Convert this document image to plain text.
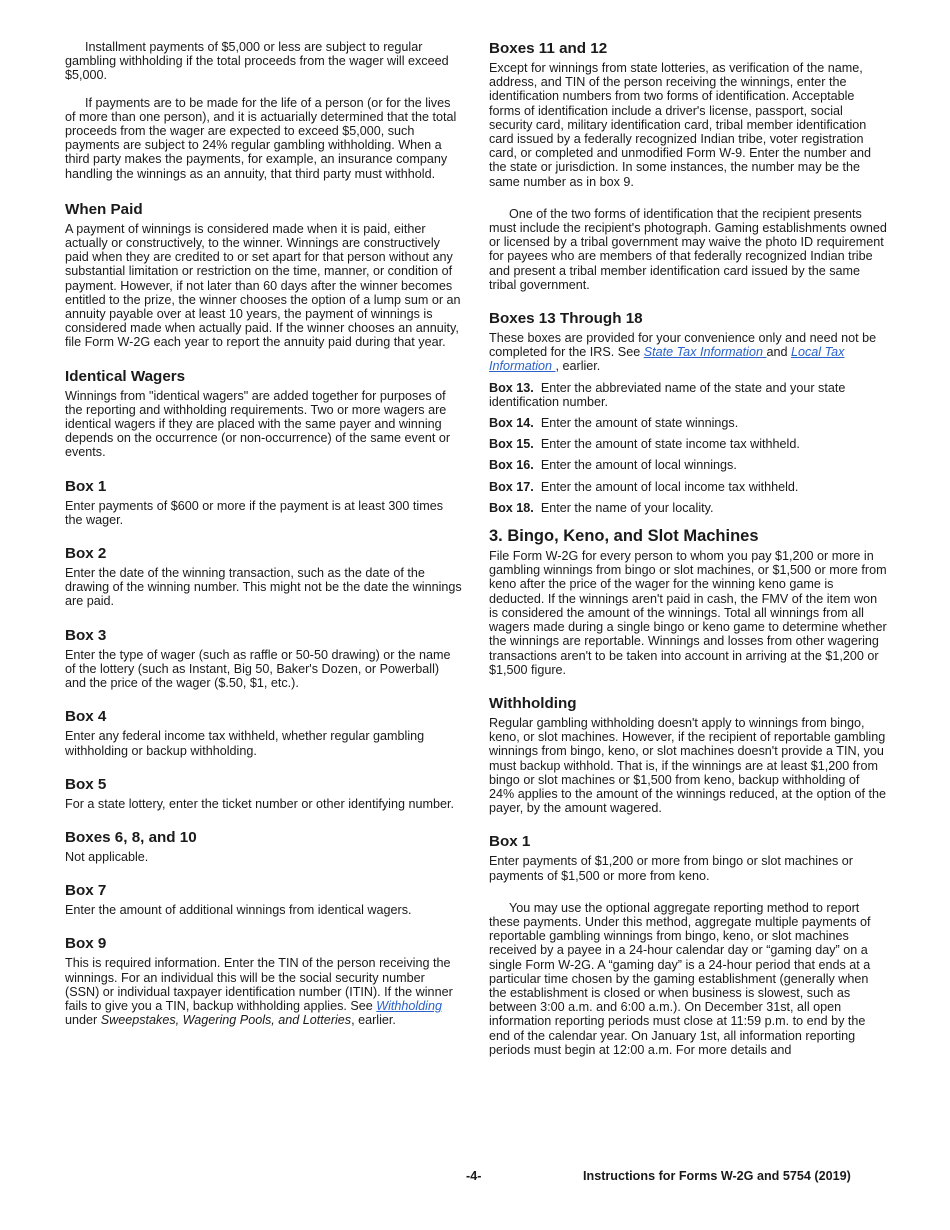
Installment payments of $5,000 or less are subject to regular gambling withholding if the total proceeds from the wager will exceed $5,000.

If payments are to be made for the life of a person (or for the lives of more than one person), and it is actuarially determined that the total proceeds from the wager are expected to exceed $5,000, such payments are subject to 24% regular gambling withholding. When a third party makes the payments, for example, an insurance company handling the winnings as an annuity, that third party must withhold.

When Paid

A payment of winnings is considered made when it is paid, either actually or constructively, to the winner. Winnings are constructively paid when they are credited to or set apart for that person without any substantial limitation or restriction on the time, manner, or condition of payment. However, if not later than 60 days after the winner becomes entitled to the prize, the winner chooses the option of a lump sum or an annuity payable over at least 10 years, the payment of winnings is considered made when actually paid. If the winner chooses an annuity, file Form W-2G each year to report the annuity paid during that year.

Identical Wagers

Winnings from "identical wagers" are added together for purposes of the reporting and withholding requirements. Two or more wagers are identical wagers if they are placed with the same payer and winning depends on the occurrence (or non-occurrence) of the same event or events.

Box 1

Enter payments of $600 or more if the payment is at least 300 times the wager.

Box 2

Enter the date of the winning transaction, such as the date of the drawing of the winning number. This might not be the date the winnings are paid.

Box 3

Enter the type of wager (such as raffle or 50-50 drawing) or the name of the lottery (such as Instant, Big 50, Baker's Dozen, or Powerball) and the price of the wager ($.50, $1, etc.).

Box 4

Enter any federal income tax withheld, whether regular gambling withholding or backup withholding.

Box 5

For a state lottery, enter the ticket number or other identifying number.

Boxes 6, 8, and 10

Not applicable.

Box 7

Enter the amount of additional winnings from identical wagers.

Box 9

This is required information. Enter the TIN of the person receiving the winnings. For an individual this will be the social security number (SSN) or individual taxpayer identification number (ITIN). If the winner fails to give you a TIN, backup withholding applies. See Withholding under Sweepstakes, Wagering Pools, and Lotteries, earlier.

Boxes 11 and 12

Except for winnings from state lotteries, as verification of the name, address, and TIN of the person receiving the winnings, enter the identification numbers from two forms of identification. Acceptable forms of identification include a driver's license, passport, social security card, military identification card, tribal member identification card issued by a federally recognized Indian tribe, voter registration card, or completed and unmodified Form W-9. Enter the number and the state or jurisdiction. In some instances, the number may be the same number as in box 9.

One of the two forms of identification that the recipient presents must include the recipient's photograph. Gaming establishments owned or licensed by a tribal government may waive the photo ID requirement for payees who are members of that federally recognized Indian tribe and present a tribal member identification card issued by the same tribal government.

Boxes 13 Through 18

These boxes are provided for your convenience only and need not be completed for the IRS. See State Tax Information and Local Tax Information , earlier.

Box 13. Enter the abbreviated name of the state and your state identification number.

Box 14. Enter the amount of state winnings.

Box 15. Enter the amount of state income tax withheld.

Box 16. Enter the amount of local winnings.

Box 17. Enter the amount of local income tax withheld.

Box 18. Enter the name of your locality.

3. Bingo, Keno, and Slot Machines

File Form W-2G for every person to whom you pay $1,200 or more in gambling winnings from bingo or slot machines, or $1,500 or more from keno after the price of the wager for the winning keno game is deducted. If the winnings aren't paid in cash, the FMV of the item won is considered the amount of the winnings. Total all winnings from all wagers made during a single bingo or keno game to determine whether the winnings are reportable. Winnings and losses from other wagering transactions aren't to be taken into account in arriving at the $1,200 or $1,500 figure.

Withholding

Regular gambling withholding doesn't apply to winnings from bingo, keno, or slot machines. However, if the recipient of reportable gambling winnings from bingo, keno, or slot machines doesn't provide a TIN, you must backup withhold. That is, if the winnings are at least $1,200 from bingo or slot machines or $1,500 from keno, backup withholding of 24% applies to the amount of the winnings reduced, at the option of the payer, by the amount wagered.

Box 1

Enter payments of $1,200 or more from bingo or slot machines or payments of $1,500 or more from keno.

You may use the optional aggregate reporting method to report these payments. Under this method, aggregate multiple payments of reportable gambling winnings from bingo, keno, or slot machines received by a payee in a 24-hour calendar day or “gaming day” on a single Form W-2G. A “gaming day” is a 24-hour period that ends at a particular time chosen by the gaming establishment (generally when the establishment is closed or when business is slowest, such as between 3:00 a.m. and 6:00 a.m.). On December 31st, all open information reporting periods must close at 11:59 p.m. to end by the end of the calendar year. On January 1st, all information reporting periods must begin at 12:00 a.m. For more details and

-4-	Instructions for Forms W-2G and 5754 (2019)
